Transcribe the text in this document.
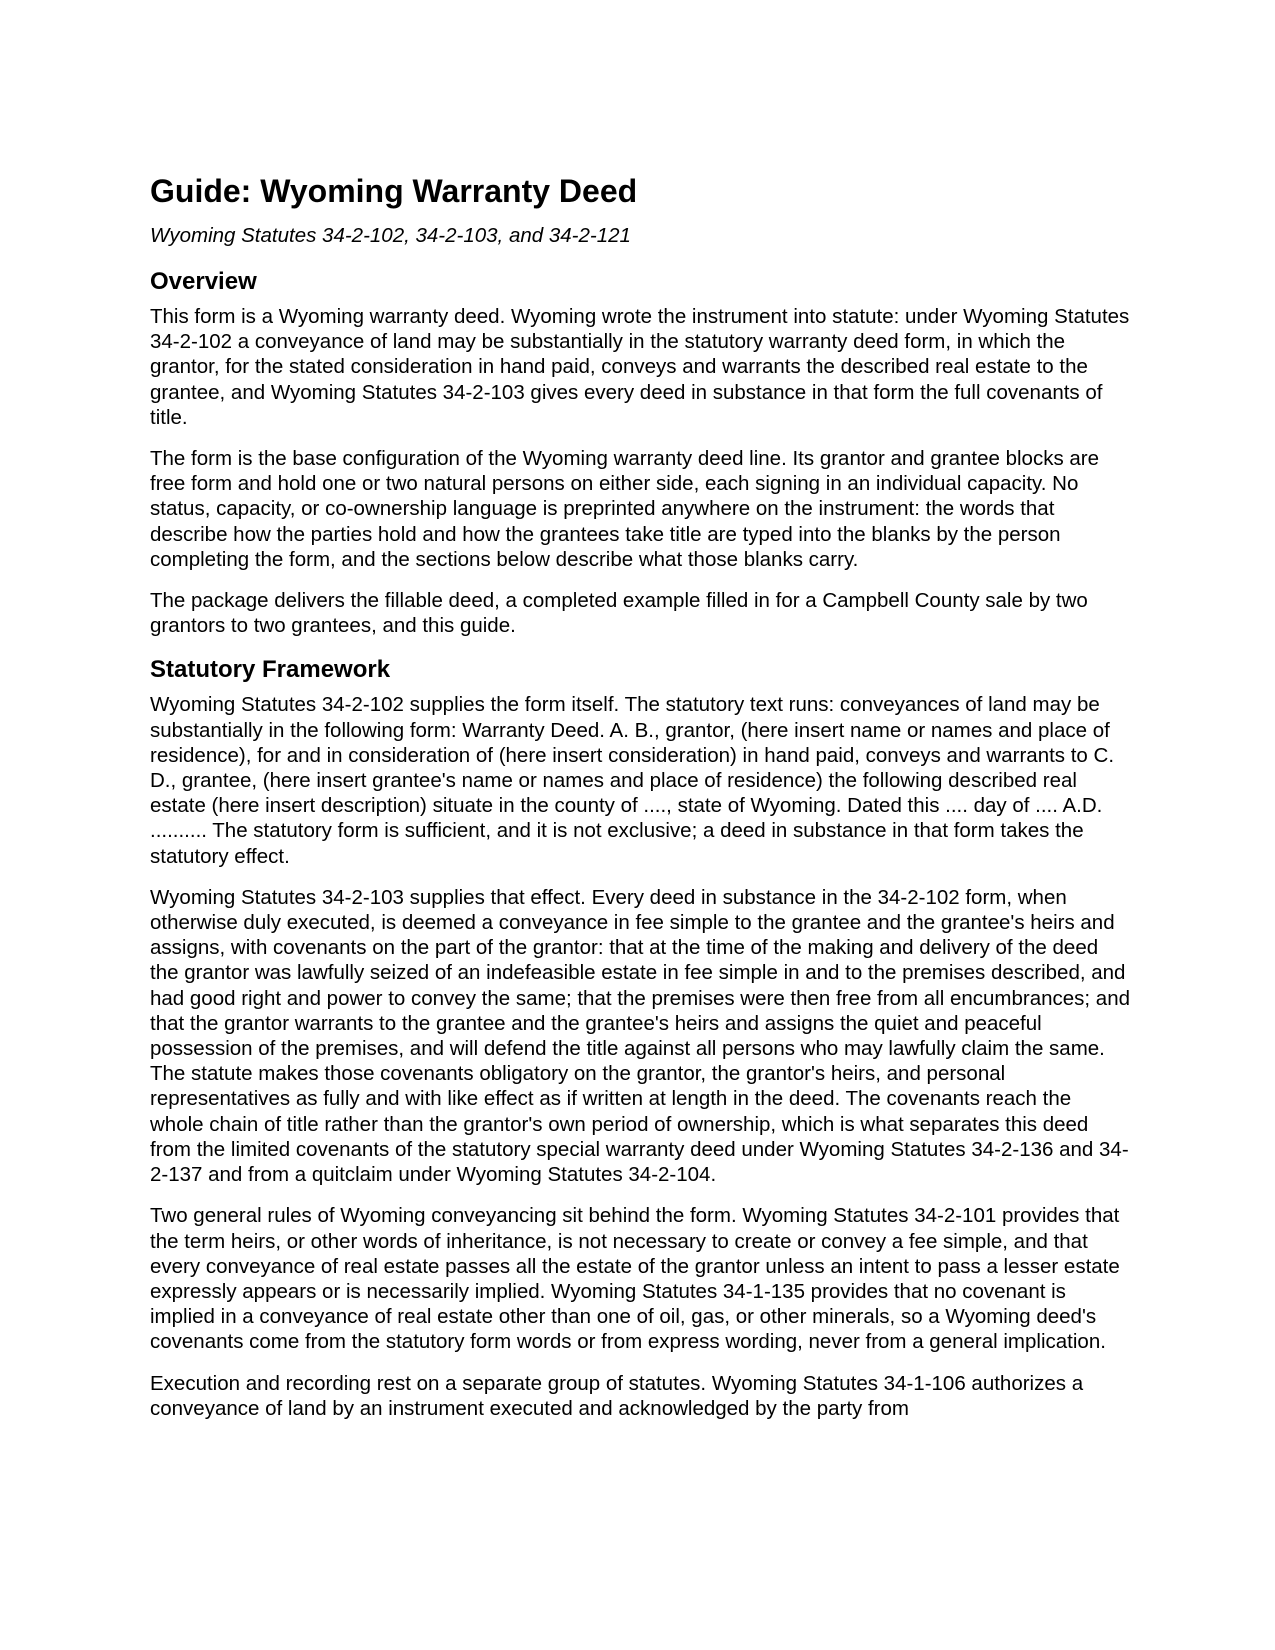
Guide: Wyoming Warranty Deed
Wyoming Statutes 34-2-102, 34-2-103, and 34-2-121
Overview

This form is a Wyoming warranty deed. Wyoming wrote the instrument into statute: under Wyoming Statutes 34-2-102 a conveyance of land may be substantially in the statutory warranty deed form, in which the grantor, for the stated consideration in hand paid, conveys and warrants the described real estate to the grantee, and Wyoming Statutes 34-2-103 gives every deed in substance in that form the full covenants of title.

The form is the base configuration of the Wyoming warranty deed line. Its grantor and grantee blocks are free form and hold one or two natural persons on either side, each signing in an individual capacity. No status, capacity, or co-ownership language is preprinted anywhere on the instrument: the words that describe how the parties hold and how the grantees take title are typed into the blanks by the person completing the form, and the sections below describe what those blanks carry.

The package delivers the fillable deed, a completed example filled in for a Campbell County sale by two grantors to two grantees, and this guide.

Statutory Framework

Wyoming Statutes 34-2-102 supplies the form itself. The statutory text runs: conveyances of land may be substantially in the following form: Warranty Deed. A. B., grantor, (here insert name or names and place of residence), for and in consideration of (here insert consideration) in hand paid, conveys and warrants to C. D., grantee, (here insert grantee's name or names and place of residence) the following described real estate (here insert description) situate in the county of ...., state of Wyoming. Dated this .... day of .... A.D. .......... The statutory form is sufficient, and it is not exclusive; a deed in substance in that form takes the statutory effect.

Wyoming Statutes 34-2-103 supplies that effect. Every deed in substance in the 34-2-102 form, when otherwise duly executed, is deemed a conveyance in fee simple to the grantee and the grantee's heirs and assigns, with covenants on the part of the grantor: that at the time of the making and delivery of the deed the grantor was lawfully seized of an indefeasible estate in fee simple in and to the premises described, and had good right and power to convey the same; that the premises were then free from all encumbrances; and that the grantor warrants to the grantee and the grantee's heirs and assigns the quiet and peaceful possession of the premises, and will defend the title against all persons who may lawfully claim the same. The statute makes those covenants obligatory on the grantor, the grantor's heirs, and personal representatives as fully and with like effect as if written at length in the deed. The covenants reach the whole chain of title rather than the grantor's own period of ownership, which is what separates this deed from the limited covenants of the statutory special warranty deed under Wyoming Statutes 34-2-136 and 34-2-137 and from a quitclaim under Wyoming Statutes 34-2-104.

Two general rules of Wyoming conveyancing sit behind the form. Wyoming Statutes 34-2-101 provides that the term heirs, or other words of inheritance, is not necessary to create or convey a fee simple, and that every conveyance of real estate passes all the estate of the grantor unless an intent to pass a lesser estate expressly appears or is necessarily implied. Wyoming Statutes 34-1-135 provides that no covenant is implied in a conveyance of real estate other than one of oil, gas, or other minerals, so a Wyoming deed's covenants come from the statutory form words or from express wording, never from a general implication.

Execution and recording rest on a separate group of statutes. Wyoming Statutes 34-1-106 authorizes a conveyance of land by an instrument executed and acknowledged by the party from
